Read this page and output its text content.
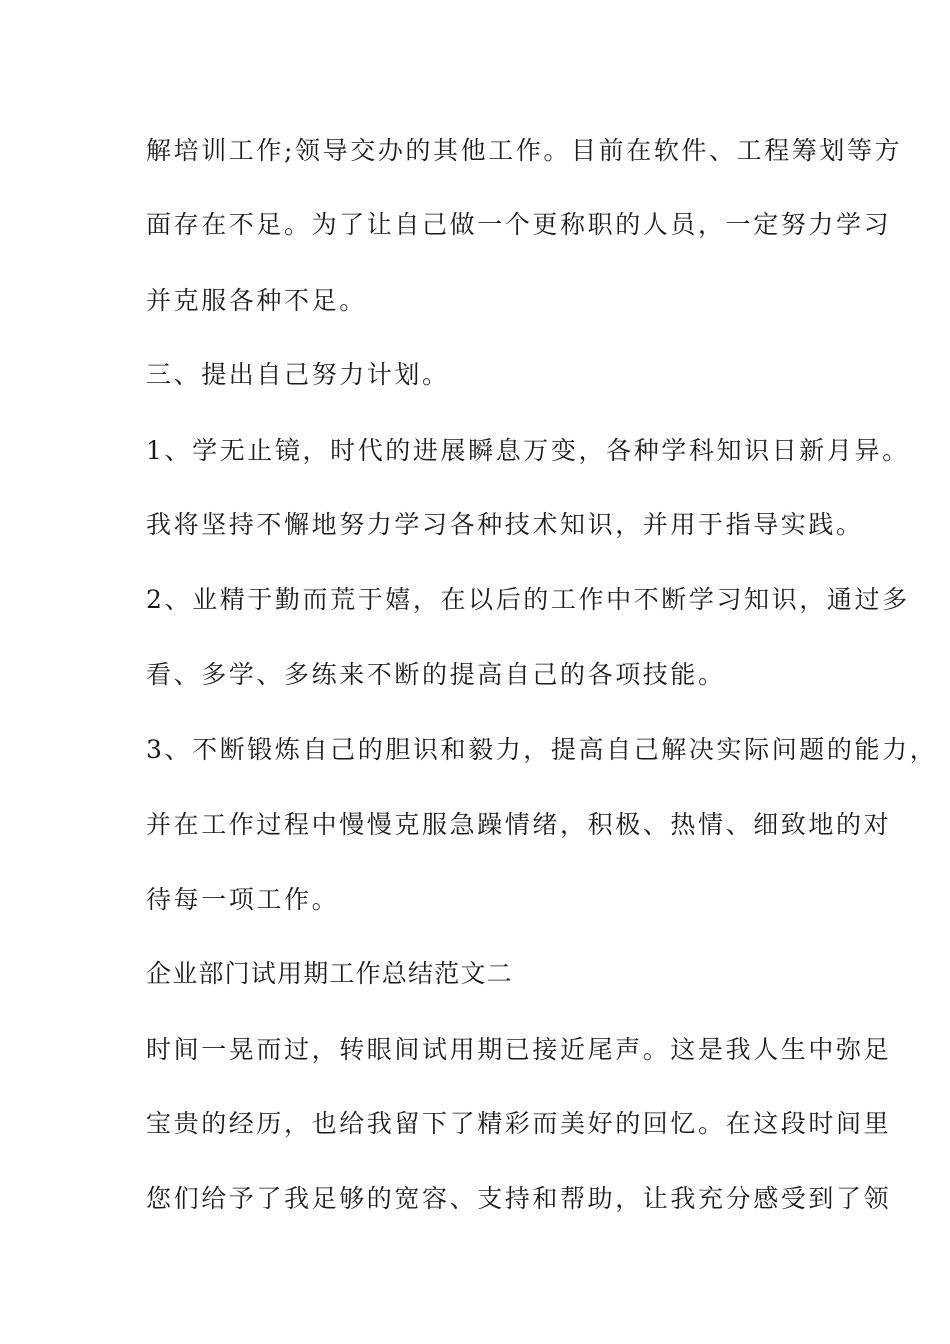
解培训工作;领导交办的其他工作。目前在软件、工程筹划等方
面存在不足。为了让自己做一个更称职的人员，一定努力学习
并克服各种不足。
三、提出自己努力计划。
1、学无止镜，时代的进展瞬息万变，各种学科知识日新月异。
我将坚持不懈地努力学习各种技术知识，并用于指导实践。
2、业精于勤而荒于嬉，在以后的工作中不断学习知识，通过多
看、多学、多练来不断的提高自己的各项技能。
3、不断锻炼自己的胆识和毅力，提高自己解决实际问题的能力，
并在工作过程中慢慢克服急躁情绪，积极、热情、细致地的对
待每一项工作。
企业部门试用期工作总结范文二
时间一晃而过，转眼间试用期已接近尾声。这是我人生中弥足
宝贵的经历，也给我留下了精彩而美好的回忆。在这段时间里
您们给予了我足够的宽容、支持和帮助，让我充分感受到了领
